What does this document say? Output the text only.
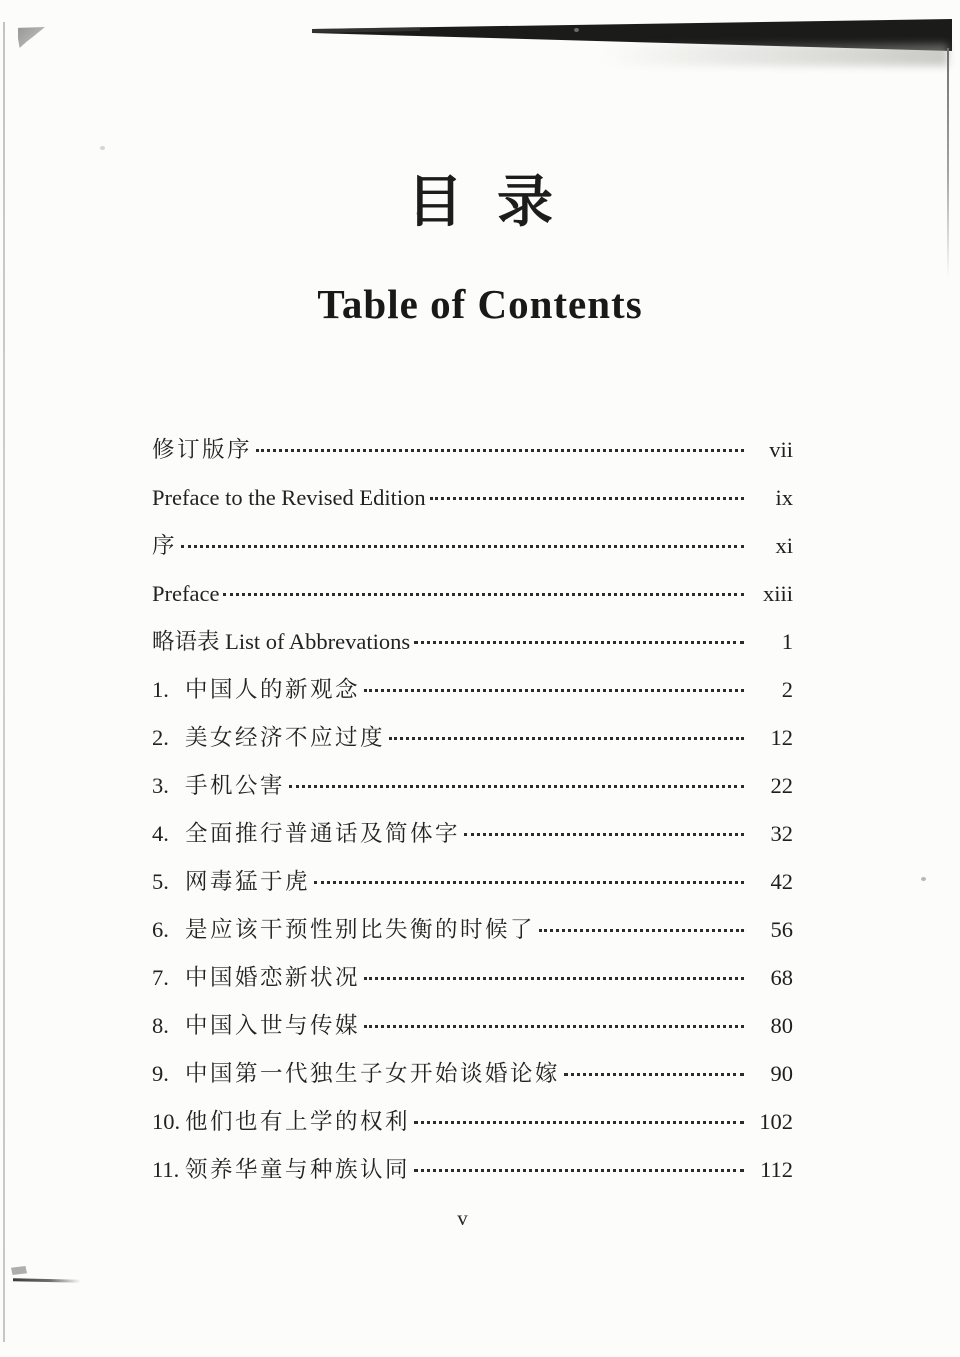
目录
Table of Contents
修订版序	vii
Preface to the Revised Edition	ix
序	xi
Preface	xiii
略语表 List of Abbrevations	1
1. 中国人的新观念	2
2. 美女经济不应过度	12
3. 手机公害	22
4. 全面推行普通话及简体字	32
5. 网毒猛于虎	42
6. 是应该干预性别比失衡的时候了	56
7. 中国婚恋新状况	68
8. 中国入世与传媒	80
9. 中国第一代独生子女开始谈婚论嫁	90
10. 他们也有上学的权利	102
11. 领养华童与种族认同	112
v
